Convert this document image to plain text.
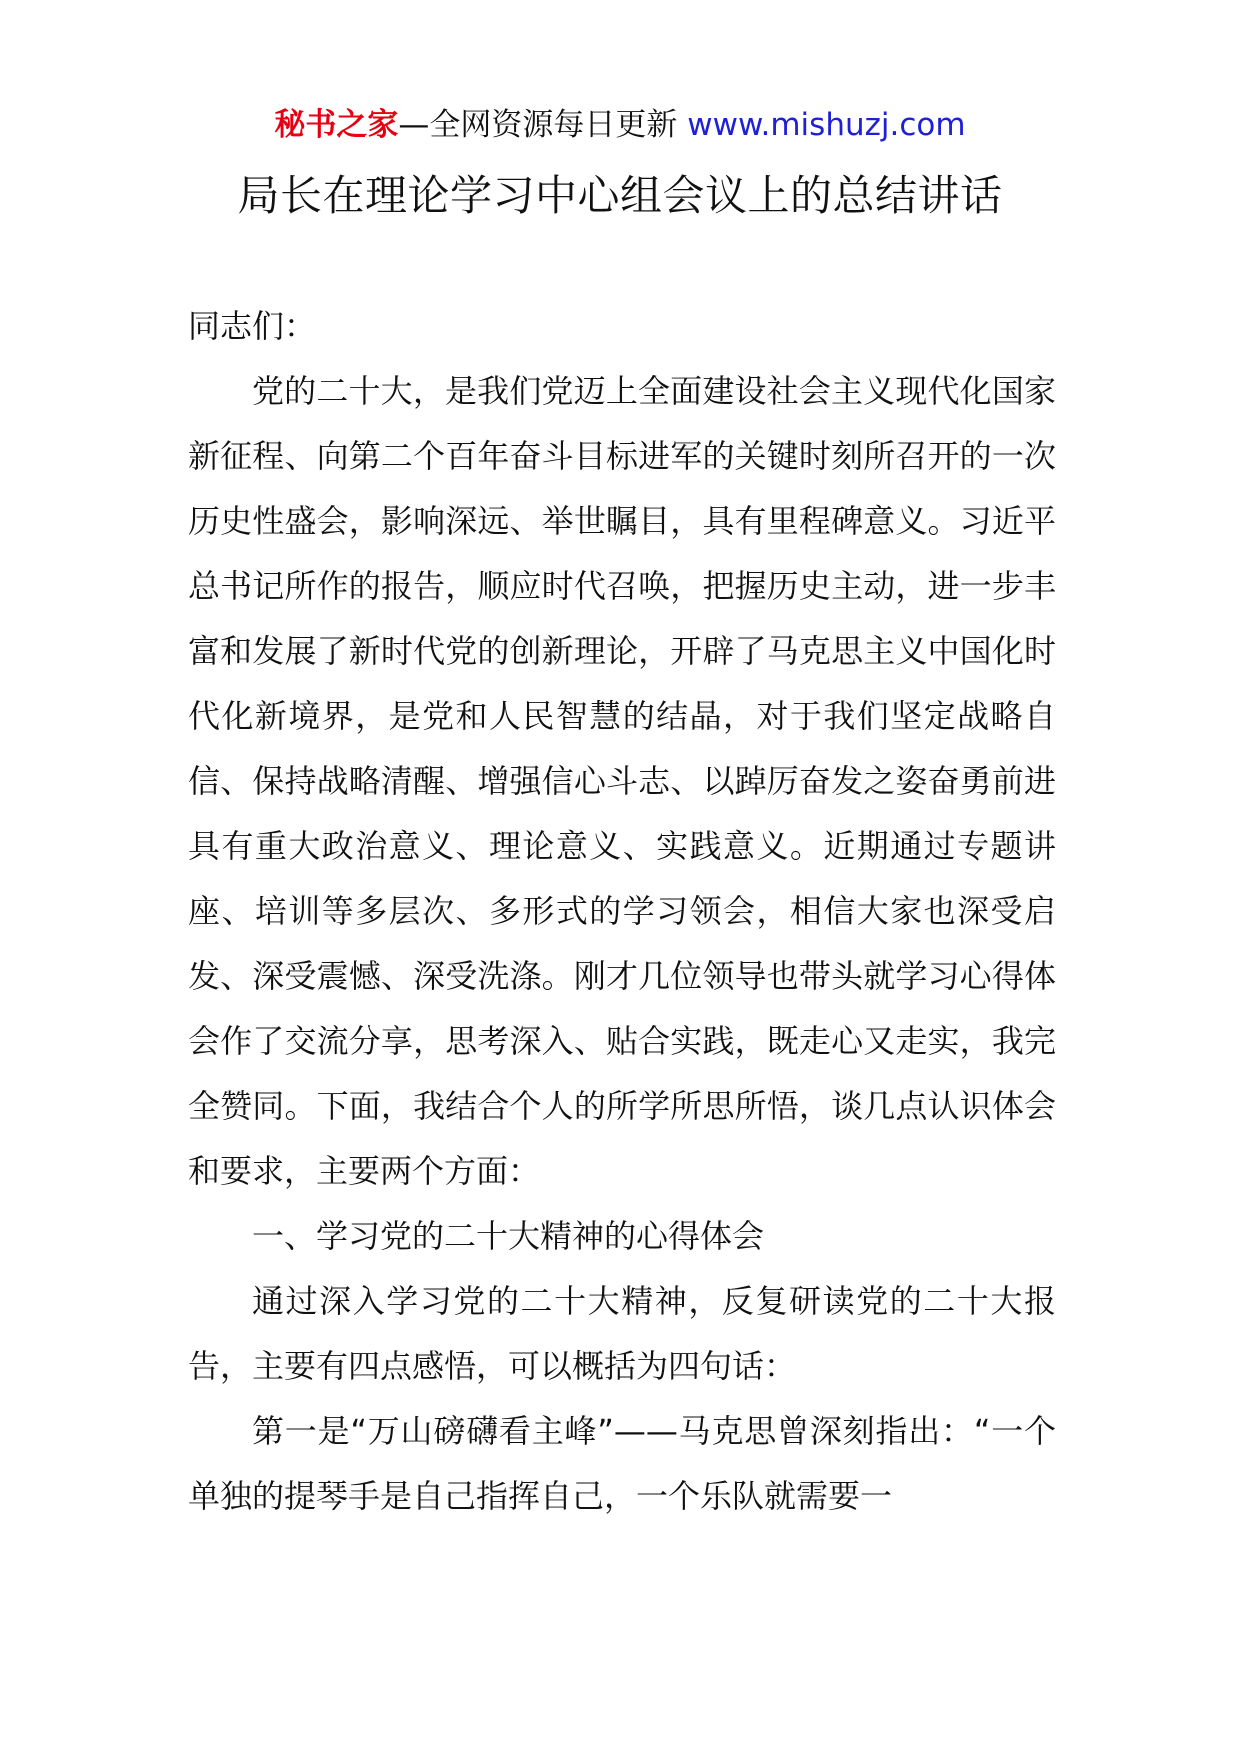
秘书之家—全网资源每日更新 www.mishuzj.com
局长在理论学习中心组会议上的总结讲话

同志们：

党的二十大，是我们党迈上全面建设社会主义现代化国家新征程、向第二个百年奋斗目标进军的关键时刻所召开的一次历史性盛会，影响深远、举世瞩目，具有里程碑意义。习近平总书记所作的报告，顺应时代召唤，把握历史主动，进一步丰富和发展了新时代党的创新理论，开辟了马克思主义中国化时代化新境界，是党和人民智慧的结晶，对于我们坚定战略自信、保持战略清醒、增强信心斗志、以踔厉奋发之姿奋勇前进具有重大政治意义、理论意义、实践意义。近期通过专题讲座、培训等多层次、多形式的学习领会，相信大家也深受启发、深受震憾、深受洗涤。刚才几位领导也带头就学习心得体会作了交流分享，思考深入、贴合实践，既走心又走实，我完全赞同。下面，我结合个人的所学所思所悟，谈几点认识体会和要求，主要两个方面：

一、学习党的二十大精神的心得体会

通过深入学习党的二十大精神，反复研读党的二十大报告，主要有四点感悟，可以概括为四句话：

第一是“万山磅礴看主峰”——马克思曾深刻指出：“一个单独的提琴手是自己指挥自己，一个乐队就需要一
